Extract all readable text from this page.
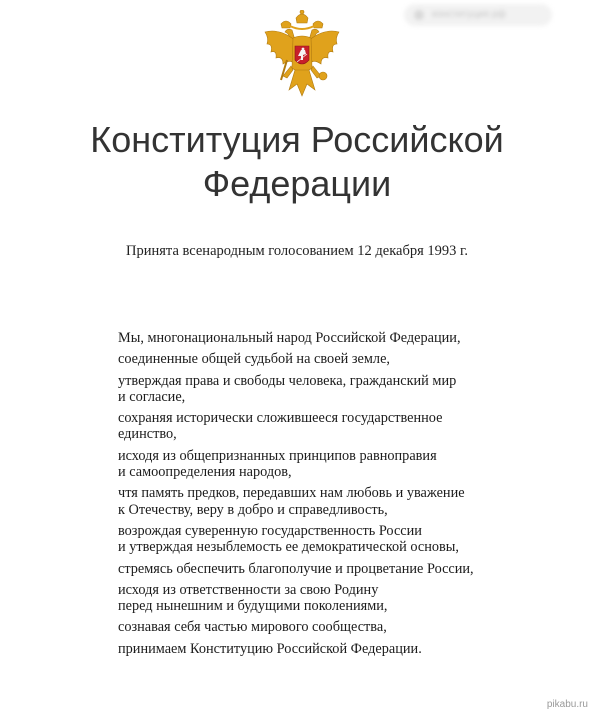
конституция рф
Конституция Российской
Федерации
Принята всенародным голосованием 12 декабря 1993 г.

Мы, многонациональный народ Российской Федерации,

соединенные общей судьбой на своей земле,

утверждая права и свободы человека, гражданский мир
и согласие,

сохраняя исторически сложившееся государственное
единство,

исходя из общепризнанных принципов равноправия
и самоопределения народов,

чтя память предков, передавших нам любовь и уважение
к Отечеству, веру в добро и справедливость,

возрождая суверенную государственность России
и утверждая незыблемость ее демократической основы,

стремясь обеспечить благополучие и процветание России,

исходя из ответственности за свою Родину
перед нынешним и будущими поколениями,

сознавая себя частью мирового сообщества,

принимаем Конституцию Российской Федерации.

pikabu.ru
